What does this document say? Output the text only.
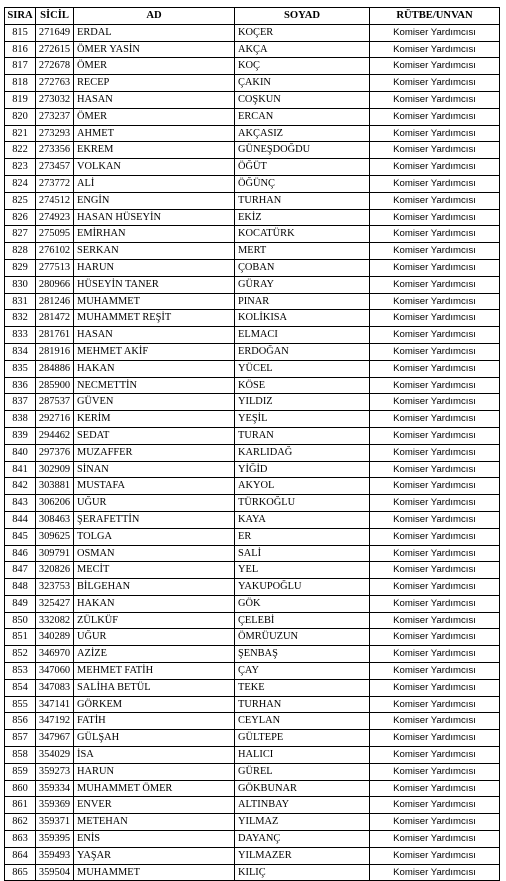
SIRA	SİCİL	AD	SOYAD	RÜTBE/UNVAN
815	271649	ERDAL	KOÇER	Komiser Yardımcısı
816	272615	ÖMER YASİN	AKÇA	Komiser Yardımcısı
817	272678	ÖMER	KOÇ	Komiser Yardımcısı
818	272763	RECEP	ÇAKIN	Komiser Yardımcısı
819	273032	HASAN	COŞKUN	Komiser Yardımcısı
820	273237	ÖMER	ERCAN	Komiser Yardımcısı
821	273293	AHMET	AKÇASIZ	Komiser Yardımcısı
822	273356	EKREM	GÜNEŞDOĞDU	Komiser Yardımcısı
823	273457	VOLKAN	ÖĞÜT	Komiser Yardımcısı
824	273772	ALİ	ÖĞÜNÇ	Komiser Yardımcısı
825	274512	ENGİN	TURHAN	Komiser Yardımcısı
826	274923	HASAN HÜSEYİN	EKİZ	Komiser Yardımcısı
827	275095	EMİRHAN	KOCATÜRK	Komiser Yardımcısı
828	276102	SERKAN	MERT	Komiser Yardımcısı
829	277513	HARUN	ÇOBAN	Komiser Yardımcısı
830	280966	HÜSEYİN TANER	GÜRAY	Komiser Yardımcısı
831	281246	MUHAMMET	PINAR	Komiser Yardımcısı
832	281472	MUHAMMET REŞİT	KOLİKISA	Komiser Yardımcısı
833	281761	HASAN	ELMACI	Komiser Yardımcısı
834	281916	MEHMET AKİF	ERDOĞAN	Komiser Yardımcısı
835	284886	HAKAN	YÜCEL	Komiser Yardımcısı
836	285900	NECMETTİN	KÖSE	Komiser Yardımcısı
837	287537	GÜVEN	YILDIZ	Komiser Yardımcısı
838	292716	KERİM	YEŞİL	Komiser Yardımcısı
839	294462	SEDAT	TURAN	Komiser Yardımcısı
840	297376	MUZAFFER	KARLIDAĞ	Komiser Yardımcısı
841	302909	SİNAN	YİĞİD	Komiser Yardımcısı
842	303881	MUSTAFA	AKYOL	Komiser Yardımcısı
843	306206	UĞUR	TÜRKOĞLU	Komiser Yardımcısı
844	308463	ŞERAFETTİN	KAYA	Komiser Yardımcısı
845	309625	TOLGA	ER	Komiser Yardımcısı
846	309791	OSMAN	SALİ	Komiser Yardımcısı
847	320826	MECİT	YEL	Komiser Yardımcısı
848	323753	BİLGEHAN	YAKUPOĞLU	Komiser Yardımcısı
849	325427	HAKAN	GÖK	Komiser Yardımcısı
850	332082	ZÜLKÜF	ÇELEBİ	Komiser Yardımcısı
851	340289	UĞUR	ÖMRÜUZUN	Komiser Yardımcısı
852	346970	AZİZE	ŞENBAŞ	Komiser Yardımcısı
853	347060	MEHMET FATİH	ÇAY	Komiser Yardımcısı
854	347083	SALİHA BETÜL	TEKE	Komiser Yardımcısı
855	347141	GÖRKEM	TURHAN	Komiser Yardımcısı
856	347192	FATİH	CEYLAN	Komiser Yardımcısı
857	347967	GÜLŞAH	GÜLTEPE	Komiser Yardımcısı
858	354029	İSA	HALICI	Komiser Yardımcısı
859	359273	HARUN	GÜREL	Komiser Yardımcısı
860	359334	MUHAMMET ÖMER	GÖKBUNAR	Komiser Yardımcısı
861	359369	ENVER	ALTINBAY	Komiser Yardımcısı
862	359371	METEHAN	YILMAZ	Komiser Yardımcısı
863	359395	ENİS	DAYANÇ	Komiser Yardımcısı
864	359493	YAŞAR	YILMAZER	Komiser Yardımcısı
865	359504	MUHAMMET	KILIÇ	Komiser Yardımcısı
